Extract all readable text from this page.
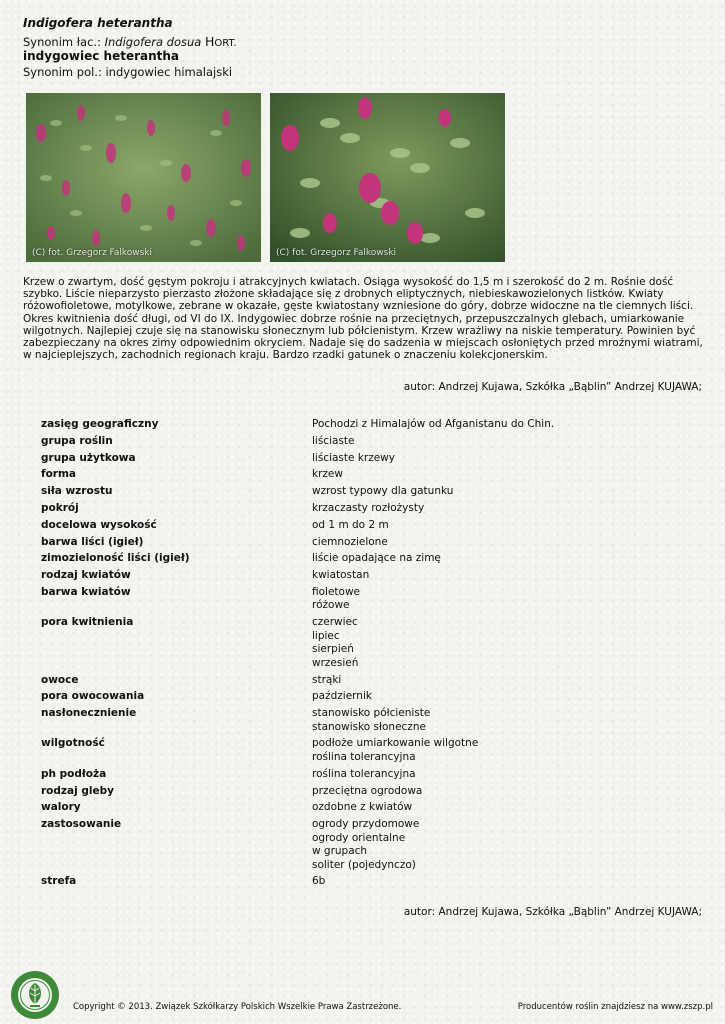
Indigofera heterantha
Synonim łac.: Indigofera dosua HORT.
indygowiec heterantha
Synonim pol.: indygowiec himalajski
(C) fot. Grzegorz Falkowski	(C) fot. Grzegorz Falkowski
Krzew o zwartym, dość gęstym pokroju i atrakcyjnych kwiatach. Osiąga wysokość do 1,5 m i szerokość do 2 m. Rośnie dość szybko. Liście nieparzysto pierzasto złożone składające się z drobnych eliptycznych, niebieskawozielonych listków. Kwiaty różowofioletowe, motylkowe, zebrane w okazałe, gęste kwiatostany wzniesione do góry, dobrze widoczne na tle ciemnych liści. Okres kwitnienia dość długi, od VI do IX. Indygowiec dobrze rośnie na przeciętnych, przepuszczalnych glebach, umiarkowanie wilgotnych. Najlepiej czuje się na stanowisku słonecznym lub półcienistym. Krzew wrażliwy na niskie temperatury. Powinien być zabezpieczany na okres zimy odpowiednim okryciem. Nadaje się do sadzenia w miejscach osłoniętych przed mroźnymi wiatrami, w najcieplejszych, zachodnich regionach kraju. Bardzo rzadki gatunek o znaczeniu kolekcjonerskim.
autor: Andrzej Kujawa, Szkółka „Bąblin” Andrzej KUJAWA;
zasięg geograficzny	Pochodzi z Himalajów od Afganistanu do Chin.
grupa roślin	liściaste
grupa użytkowa	liściaste krzewy
forma	krzew
siła wzrostu	wzrost typowy dla gatunku
pokrój	krzaczasty rozłożysty
docelowa wysokość	od 1 m do 2 m
barwa liści (igieł)	ciemnozielone
zimozieloność liści (igieł)	liście opadające na zimę
rodzaj kwiatów	kwiatostan
barwa kwiatów	fioletowe
różowe
pora kwitnienia	czerwiec
lipiec
sierpień
wrzesień
owoce	strąki
pora owocowania	październik
nasłonecznienie	stanowisko półcieniste
stanowisko słoneczne
wilgotność	podłoże umiarkowanie wilgotne
roślina tolerancyjna
ph podłoża	roślina tolerancyjna
rodzaj gleby	przeciętna ogrodowa
walory	ozdobne z kwiatów
zastosowanie	ogrody przydomowe
ogrody orientalne
w grupach
soliter (pojedynczo)
strefa	6b
autor: Andrzej Kujawa, Szkółka „Bąblin” Andrzej KUJAWA;
Copyright © 2013. Związek Szkółkarzy Polskich Wszelkie Prawa Zastrzeżone.	Producentów roślin znajdziesz na www.zszp.pl
